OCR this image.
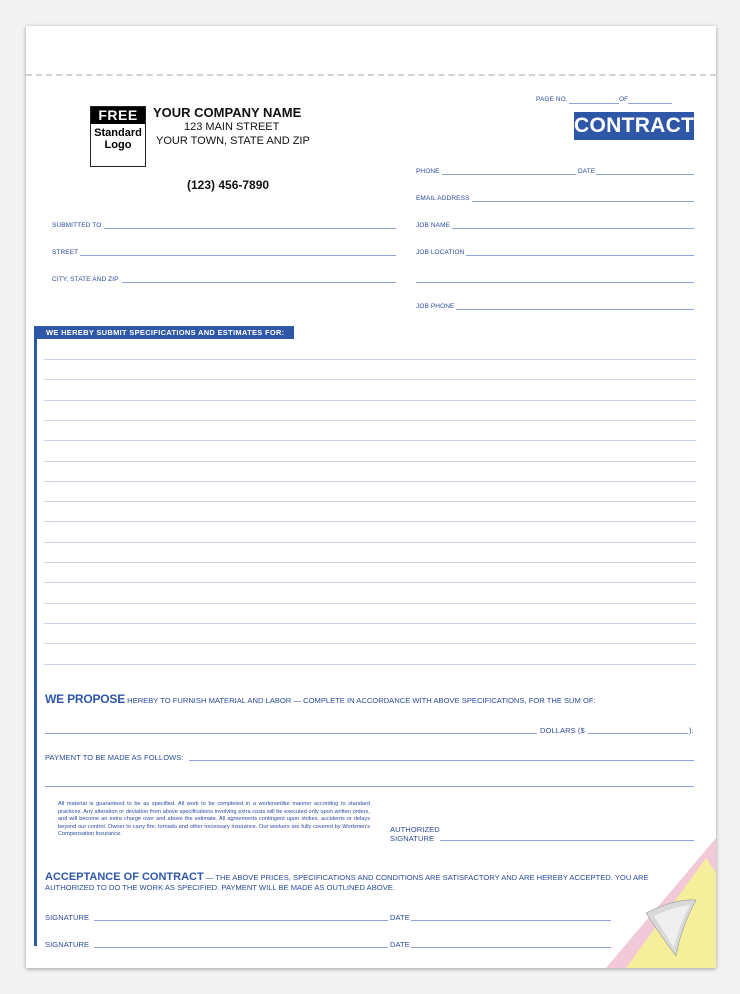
PAGE NO.	OF
CONTRACT
FREE
Standard
Logo
YOUR COMPANY NAME
123 MAIN STREET
YOUR TOWN, STATE AND ZIP
(123) 456-7890
SUBMITTED TO
STREET
CITY, STATE AND ZIP
PHONE	DATE
EMAIL ADDRESS
JOB NAME
JOB LOCATION
JOB PHONE
WE HEREBY SUBMIT SPECIFICATIONS AND ESTIMATES FOR:
WE PROPOSE HEREBY TO FURNISH MATERIAL AND LABOR — COMPLETE IN ACCORDANCE WITH ABOVE SPECIFICATIONS, FOR THE SUM OF:
DOLLARS ($	).
PAYMENT TO BE MADE AS FOLLOWS:
All material is guaranteed to be as specified. All work to be completed in a workmanlike manner according to standard practices. Any alteration or deviation from above specifications involving extra costs will be executed only upon written orders, and will become an extra charge over and above the estimate. All agreements contingent upon strikes, accidents or delays beyond our control. Owner to carry fire, tornado and other necessary insurance. Our workers are fully covered by Workmen's Compensation Insurance.	AUTHORIZED
SIGNATURE
ACCEPTANCE OF CONTRACT — THE ABOVE PRICES, SPECIFICATIONS AND CONDITIONS ARE SATISFACTORY AND ARE HEREBY ACCEPTED. YOU ARE AUTHORIZED TO DO THE WORK AS SPECIFIED. PAYMENT WILL BE MADE AS OUTLINED ABOVE.
SIGNATURE	DATE
SIGNATURE	DATE
